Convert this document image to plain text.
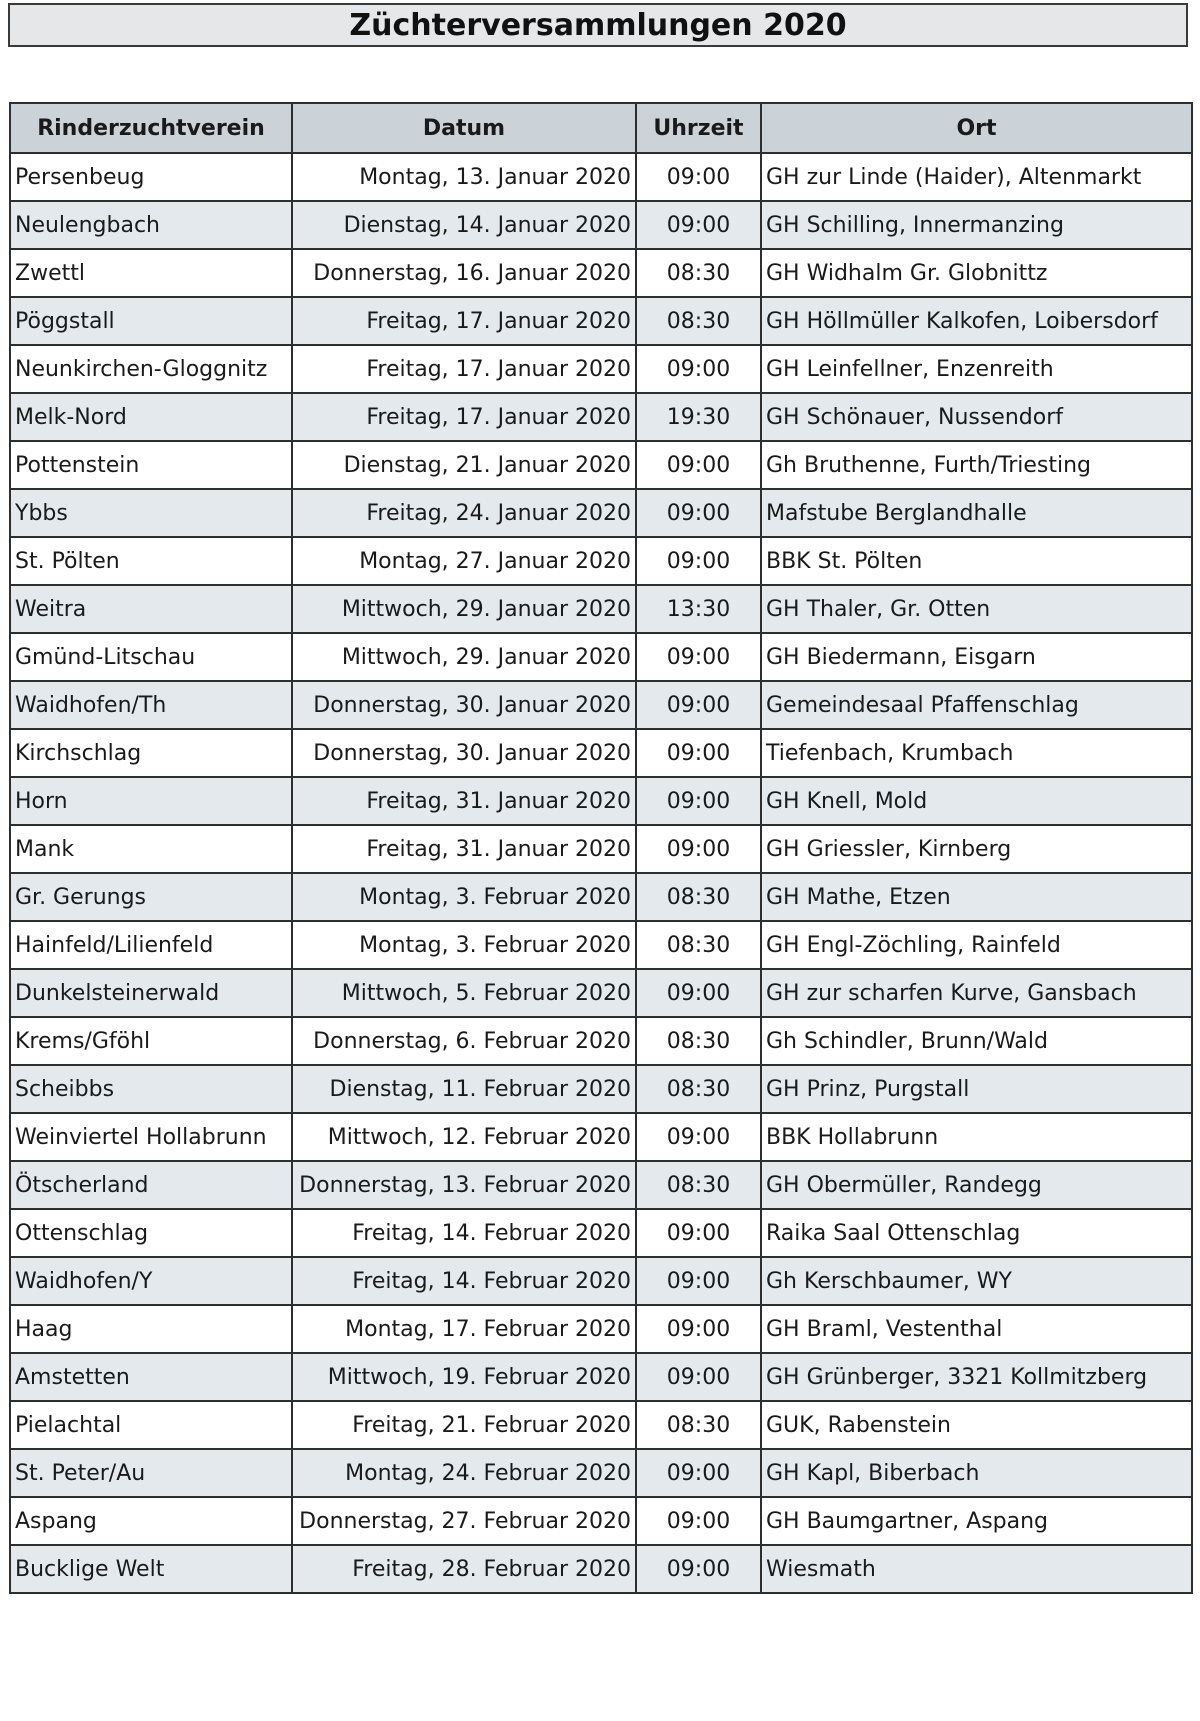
Züchterversammlungen 2020
Rinderzuchtverein	Datum	Uhrzeit	Ort
Persenbeug	Montag, 13. Januar 2020	09:00	GH zur Linde (Haider), Altenmarkt
Neulengbach	Dienstag, 14. Januar 2020	09:00	GH Schilling, Innermanzing
Zwettl	Donnerstag, 16. Januar 2020	08:30	GH Widhalm Gr. Globnittz
Pöggstall	Freitag, 17. Januar 2020	08:30	GH Höllmüller Kalkofen, Loibersdorf
Neunkirchen-Gloggnitz	Freitag, 17. Januar 2020	09:00	GH Leinfellner, Enzenreith
Melk-Nord	Freitag, 17. Januar 2020	19:30	GH Schönauer, Nussendorf
Pottenstein	Dienstag, 21. Januar 2020	09:00	Gh Bruthenne, Furth/Triesting
Ybbs	Freitag, 24. Januar 2020	09:00	Mafstube Berglandhalle
St. Pölten	Montag, 27. Januar 2020	09:00	BBK St. Pölten
Weitra	Mittwoch, 29. Januar 2020	13:30	GH Thaler, Gr. Otten
Gmünd-Litschau	Mittwoch, 29. Januar 2020	09:00	GH Biedermann, Eisgarn
Waidhofen/Th	Donnerstag, 30. Januar 2020	09:00	Gemeindesaal Pfaffenschlag
Kirchschlag	Donnerstag, 30. Januar 2020	09:00	Tiefenbach, Krumbach
Horn	Freitag, 31. Januar 2020	09:00	GH Knell, Mold
Mank	Freitag, 31. Januar 2020	09:00	GH Griessler, Kirnberg
Gr. Gerungs	Montag, 3. Februar 2020	08:30	GH Mathe, Etzen
Hainfeld/Lilienfeld	Montag, 3. Februar 2020	08:30	GH Engl-Zöchling, Rainfeld
Dunkelsteinerwald	Mittwoch, 5. Februar 2020	09:00	GH zur scharfen Kurve, Gansbach
Krems/Gföhl	Donnerstag, 6. Februar 2020	08:30	Gh Schindler, Brunn/Wald
Scheibbs	Dienstag, 11. Februar 2020	08:30	GH Prinz, Purgstall
Weinviertel Hollabrunn	Mittwoch, 12. Februar 2020	09:00	BBK Hollabrunn
Ötscherland	Donnerstag, 13. Februar 2020	08:30	GH Obermüller, Randegg
Ottenschlag	Freitag, 14. Februar 2020	09:00	Raika Saal Ottenschlag
Waidhofen/Y	Freitag, 14. Februar 2020	09:00	Gh Kerschbaumer, WY
Haag	Montag, 17. Februar 2020	09:00	GH Braml, Vestenthal
Amstetten	Mittwoch, 19. Februar 2020	09:00	GH Grünberger, 3321 Kollmitzberg
Pielachtal	Freitag, 21. Februar 2020	08:30	GUK, Rabenstein
St. Peter/Au	Montag, 24. Februar 2020	09:00	GH Kapl, Biberbach
Aspang	Donnerstag, 27. Februar 2020	09:00	GH Baumgartner, Aspang
Bucklige Welt	Freitag, 28. Februar 2020	09:00	Wiesmath
